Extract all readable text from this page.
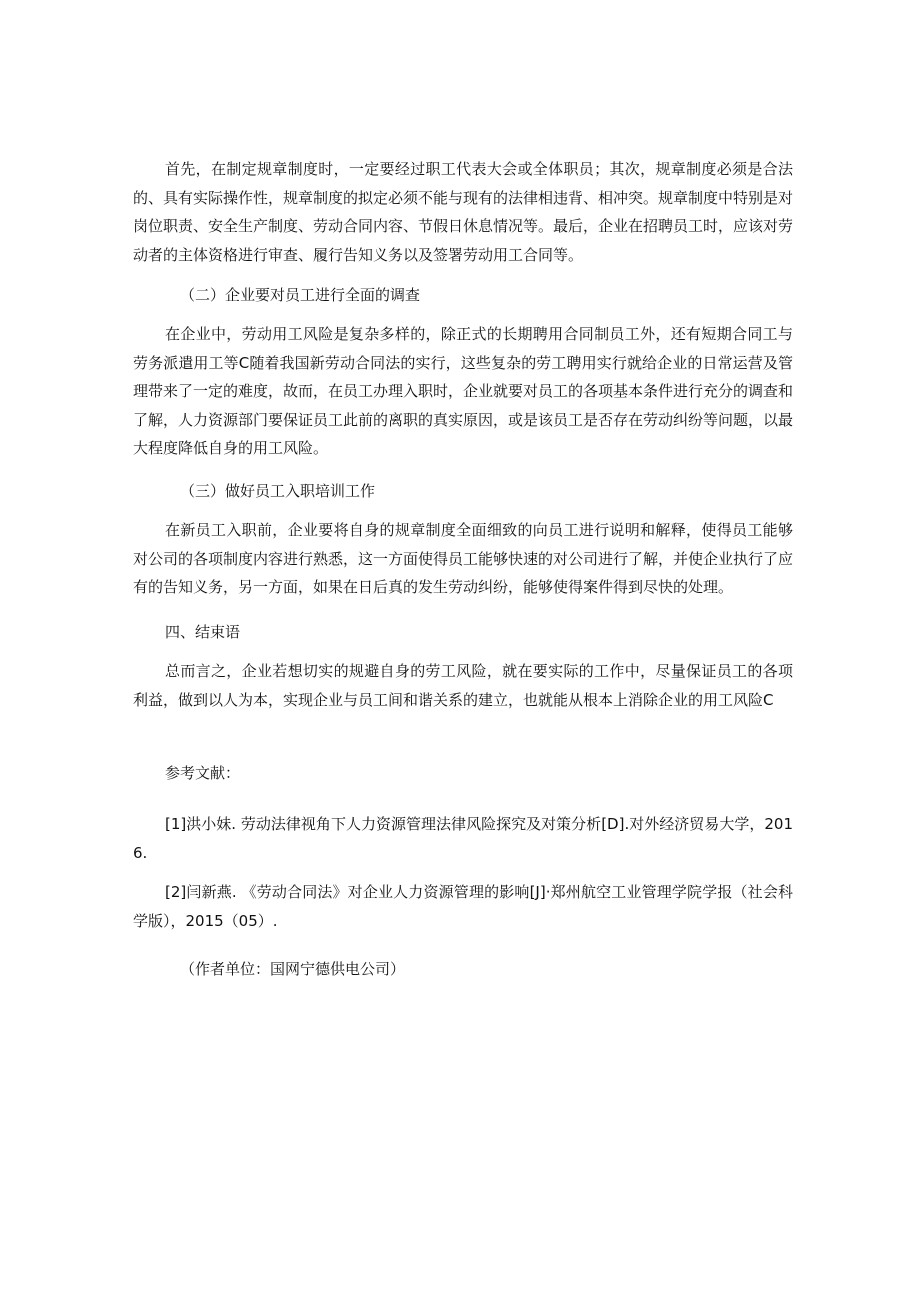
首先，在制定规章制度时，一定要经过职工代表大会或全体职员；其次，规章制度必须是合法的、具有实际操作性，规章制度的拟定必须不能与现有的法律相违背、相冲突。规章制度中特别是对岗位职责、安全生产制度、劳动合同内容、节假日休息情况等。最后，企业在招聘员工时，应该对劳动者的主体资格进行审查、履行告知义务以及签署劳动用工合同等。

（二）企业要对员工进行全面的调查

在企业中，劳动用工风险是复杂多样的，除正式的长期聘用合同制员工外，还有短期合同工与劳务派遣用工等C随着我国新劳动合同法的实行，这些复杂的劳工聘用实行就给企业的日常运营及管理带来了一定的难度，故而，在员工办理入职时，企业就要对员工的各项基本条件进行充分的调查和了解，人力资源部门要保证员工此前的离职的真实原因，或是该员工是否存在劳动纠纷等问题，以最大程度降低自身的用工风险。

（三）做好员工入职培训工作

在新员工入职前，企业要将自身的规章制度全面细致的向员工进行说明和解释，使得员工能够对公司的各项制度内容进行熟悉，这一方面使得员工能够快速的对公司进行了解，并使企业执行了应有的告知义务，另一方面，如果在日后真的发生劳动纠纷，能够使得案件得到尽快的处理。

四、结束语

总而言之，企业若想切实的规避自身的劳工风险，就在要实际的工作中，尽量保证员工的各项利益，做到以人为本，实现企业与员工间和谐关系的建立，也就能从根本上消除企业的用工风险C

参考文献：

[1]洪小妹. 劳动法律视角下人力资源管理法律风险探究及对策分析[D].对外经济贸易大学，2016.

[2]闫新燕. 《劳动合同法》对企业人力资源管理的影响[J]·郑州航空工业管理学院学报（社会科学版），2015（05）.

（作者单位：国网宁德供电公司）
